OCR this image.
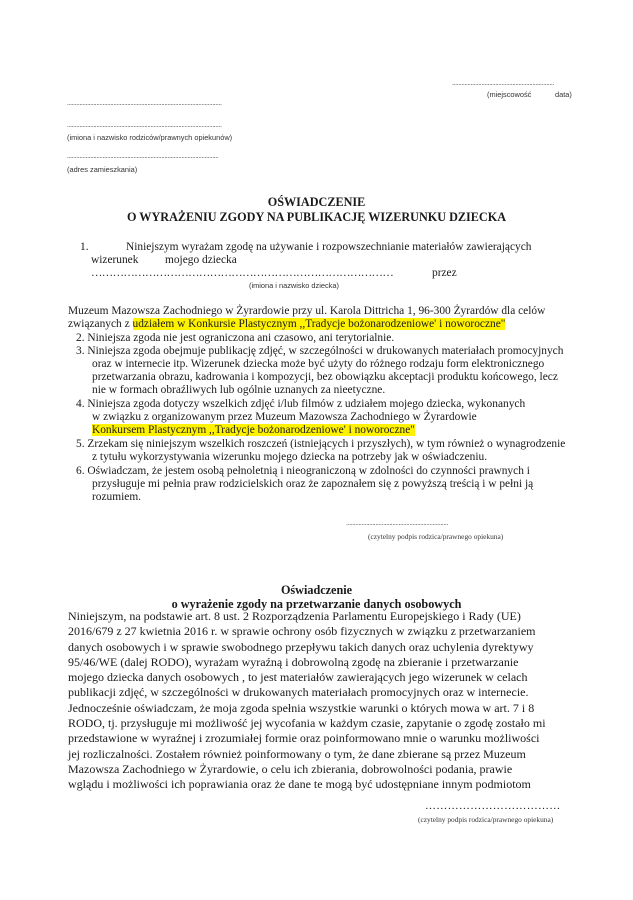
..................................................................
(miejscowość	data)
....................................................................................................
....................................................................................................
(imiona i nazwisko rodziców/prawnych opiekunów)
..................................................................................................
(adres zamieszkania)
OŚWIADCZENIE
O WYRAŻENIU ZGODY NA PUBLIKACJĘ WIZERUNKU DZIECKA
1.	Niniejszym wyrażam zgodę na używanie i rozpowszechnianie materiałów zawierających
wizerunek mojego dziecka
…………………………………………………………………………	przez
(imiona i nazwisko dziecka)
Muzeum Mazowsza Zachodniego w Żyrardowie przy ul. Karola Dittricha 1, 96-300 Żyrardów dla celów
związanych z udziałem w Konkursie Plastycznym ,,Tradycje bożonarodzeniowe' i noworoczne"
2. Niniejsza zgoda nie jest ograniczona ani czasowo, ani terytorialnie.
3. Niniejsza zgoda obejmuje publikację zdjęć, w szczególności w drukowanych materiałach promocyjnych
oraz w internecie itp. Wizerunek dziecka może być użyty do różnego rodzaju form elektronicznego
przetwarzania obrazu, kadrowania i kompozycji, bez obowiązku akceptacji produktu końcowego, lecz
nie w formach obraźliwych lub ogólnie uznanych za nieetyczne.
4. Niniejsza zgoda dotyczy wszelkich zdjęć i/lub filmów z udziałem mojego dziecka, wykonanych
w związku z organizowanym przez Muzeum Mazowsza Zachodniego w Żyrardowie
Konkursem Plastycznym ,,Tradycje bożonarodzeniowe' i noworoczne"
5. Zrzekam się niniejszym wszelkich roszczeń (istniejących i przyszłych), w tym również o wynagrodzenie
z tytułu wykorzystywania wizerunku mojego dziecka na potrzeby jak w oświadczeniu.
6. Oświadczam, że jestem osobą pełnoletnią i nieograniczoną w zdolności do czynności prawnych i
przysługuje mi pełnia praw rodzicielskich oraz że zapoznałem się z powyższą treścią i w pełni ją
rozumiem.
..................................................................
(czytelny podpis rodzica/prawnego opiekuna)
Oświadczenie
o wyrażenie zgody na przetwarzanie danych osobowych
Niniejszym, na podstawie art. 8 ust. 2 Rozporządzenia Parlamentu Europejskiego i Rady (UE)
2016/679 z 27 kwietnia 2016 r. w sprawie ochrony osób fizycznych w związku z przetwarzaniem
danych osobowych i w sprawie swobodnego przepływu takich danych oraz uchylenia dyrektywy
95/46/WE (dalej RODO), wyrażam wyraźną i dobrowolną zgodę na zbieranie i przetwarzanie
mojego dziecka danych osobowych , to jest materiałów zawierających jego wizerunek w celach
publikacji zdjęć, w szczególności w drukowanych materiałach promocyjnych oraz w internecie.
Jednocześnie oświadczam, że moja zgoda spełnia wszystkie warunki o których mowa w art. 7 i 8
RODO, tj. przysługuje mi możliwość jej wycofania w każdym czasie, zapytanie o zgodę zostało mi
przedstawione w wyraźnej i zrozumiałej formie oraz poinformowano mnie o warunku możliwości
jej rozliczalności. Zostałem również poinformowany o tym, że dane zbierane są przez Muzeum
Mazowsza Zachodniego w Żyrardowie, o celu ich zbierania, dobrowolności podania, prawie
wglądu i możliwości ich poprawiania oraz że dane te mogą być udostępniane innym podmiotom
………………………………
(czytelny podpis rodzica/prawnego opiekuna)
